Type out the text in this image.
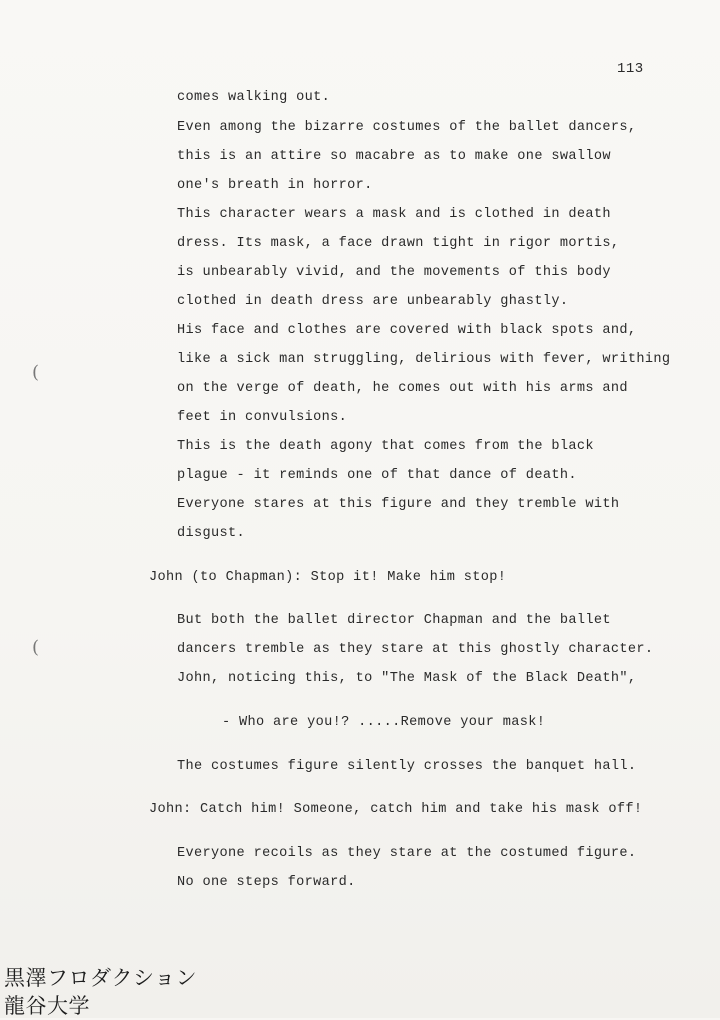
113
comes walking out.
Even among the bizarre costumes of the ballet dancers,
this is an attire so macabre as to make one swallow
one's breath in horror.
This character wears a mask and is clothed in death
dress. Its mask, a face drawn tight in rigor mortis,
is unbearably vivid, and the movements of this body
clothed in death dress are unbearably ghastly.
His face and clothes are covered with black spots and,
like a sick man struggling, delirious with fever, writhing
on the verge of death, he comes out with his arms and
feet in convulsions.
This is the death agony that comes from the black
plague - it reminds one of that dance of death.
Everyone stares at this figure and they tremble with
disgust.
John (to Chapman): Stop it! Make him stop!
But both the ballet director Chapman and the ballet
dancers tremble as they stare at this ghostly character.
John, noticing this, to "The Mask of the Black Death",
- Who are you!? .....Remove your mask!
The costumes figure silently crosses the banquet hall.
John: Catch him! Someone, catch him and take his mask off!
Everyone recoils as they stare at the costumed figure.
No one steps forward.
(
(
黒澤フロダクション
龍谷大学
